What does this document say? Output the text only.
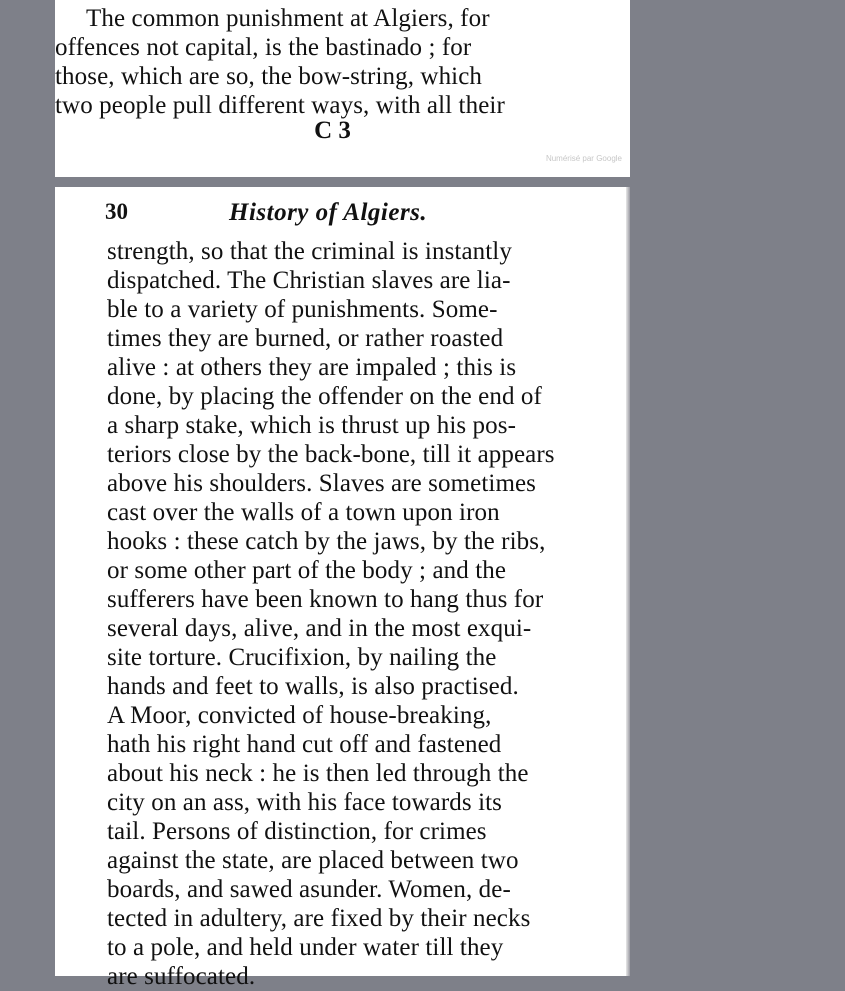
The common punishment at Algiers, for
offences not capital, is the bastinado ; for
those, which are so, the bow-string, which
two people pull different ways, with all their
C 3
Numérisé par Google
30	History of Algiers.
strength, so that the criminal is instantly
dispatched. The Christian slaves are lia-
ble to a variety of punishments. Some-
times they are burned, or rather roasted
alive : at others they are impaled ; this is
done, by placing the offender on the end of
a sharp stake, which is thrust up his pos-
teriors close by the back-bone, till it appears
above his shoulders. Slaves are sometimes
cast over the walls of a town upon iron
hooks : these catch by the jaws, by the ribs,
or some other part of the body ; and the
sufferers have been known to hang thus for
several days, alive, and in the most exqui-
site torture. Crucifixion, by nailing the
hands and feet to walls, is also practised.
A Moor, convicted of house-breaking,
hath his right hand cut off and fastened
about his neck : he is then led through the
city on an ass, with his face towards its
tail. Persons of distinction, for crimes
against the state, are placed between two
boards, and sawed asunder. Women, de-
tected in adultery, are fixed by their necks
to a pole, and held under water till they
are suffocated.
